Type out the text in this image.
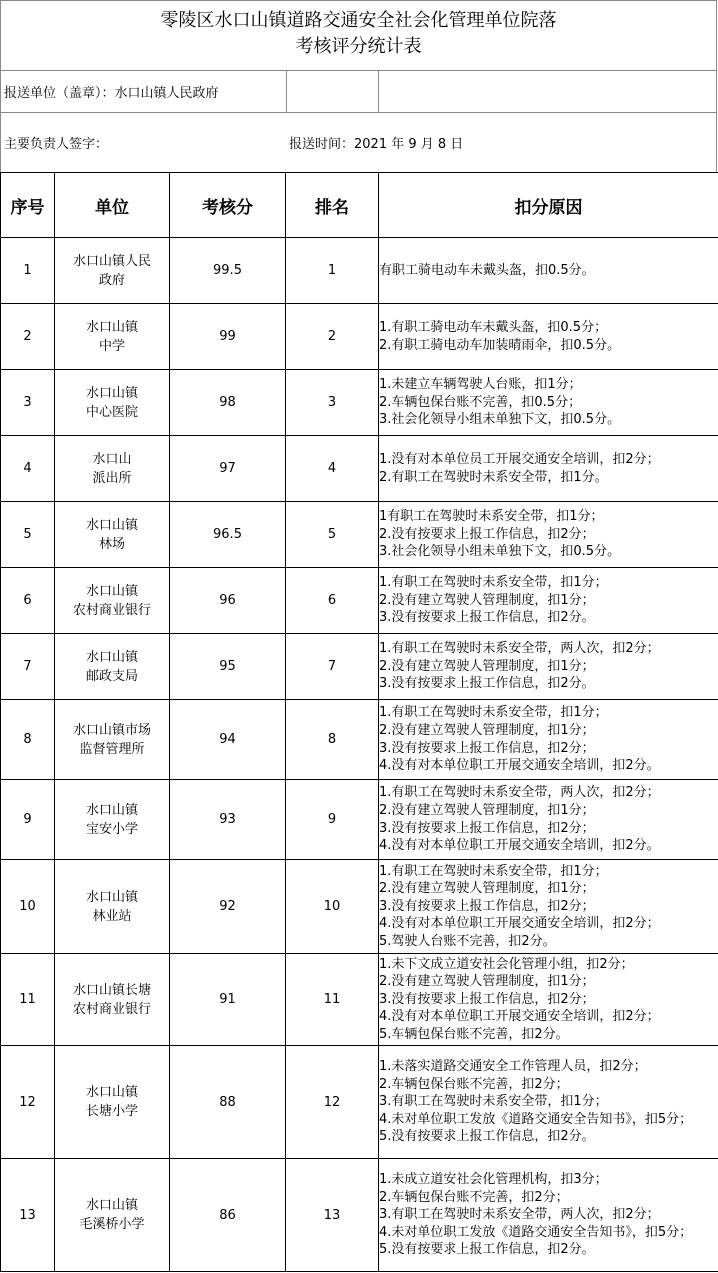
零陵区水口山镇道路交通安全社会化管理单位院落
考核评分统计表
报送单位（盖章）：水口山镇人民政府
主要负责人签字：	报送时间：2021 年 9 月 8 日
序号	单位	考核分	排名	扣分原因
1	水口山镇人民
政府	99.5	1	有职工骑电动车未戴头盔，扣0.5分。

2	水口山镇
中学	99	2	1.有职工骑电动车未戴头盔，扣0.5分；
2.有职工骑电动车加装晴雨伞，扣0.5分。

3	水口山镇
中心医院	98	3	1.未建立车辆驾驶人台账，扣1分；
2.车辆包保台账不完善，扣0.5分；
3.社会化领导小组未单独下文，扣0.5分。

4	水口山
派出所	97	4	1.没有对本单位员工开展交通安全培训，扣2分；
2.有职工在驾驶时未系安全带，扣1分。

5	水口山镇
林场	96.5	5	1有职工在驾驶时未系安全带，扣1分；
2.没有按要求上报工作信息，扣2分；
3.社会化领导小组未单独下文，扣0.5分。

6	水口山镇
农村商业银行	96	6	1.有职工在驾驶时未系安全带，扣1分；
2.没有建立驾驶人管理制度，扣1分；
3.没有按要求上报工作信息，扣2分。

7	水口山镇
邮政支局	95	7	1.有职工在驾驶时未系安全带，两人次，扣2分；
2.没有建立驾驶人管理制度，扣1分；
3.没有按要求上报工作信息，扣2分。

8	水口山镇市场
监督管理所	94	8	1.有职工在驾驶时未系安全带，扣1分；
2.没有建立驾驶人管理制度，扣1分；
3.没有按要求上报工作信息，扣2分；
4.没有对本单位职工开展交通安全培训，扣2分。

9	水口山镇
宝安小学	93	9	1.有职工在驾驶时未系安全带，两人次，扣2分；
2.没有建立驾驶人管理制度，扣1分；
3.没有按要求上报工作信息，扣2分；
4.没有对本单位职工开展交通安全培训，扣2分。

10	水口山镇
林业站	92	10	1.有职工在驾驶时未系安全带，扣1分；
2.没有建立驾驶人管理制度，扣1分；
3.没有按要求上报工作信息，扣2分；
4.没有对本单位职工开展交通安全培训，扣2分；
5.驾驶人台账不完善，扣2分。

11	水口山镇长塘
农村商业银行	91	11	1.未下文成立道安社会化管理小组，扣2分；
2.没有建立驾驶人管理制度，扣1分；
3.没有按要求上报工作信息，扣2分；
4.没有对本单位职工开展交通安全培训，扣2分；
5.车辆包保台账不完善，扣2分。

12	水口山镇
长塘小学	88	12	1.未落实道路交通安全工作管理人员，扣2分；
2.车辆包保台账不完善，扣2分；
3.有职工在驾驶时未系安全带，扣1分；
4.未对单位职工发放《道路交通安全告知书》，扣5分；
5.没有按要求上报工作信息，扣2分。

13	水口山镇
毛溪桥小学	86	13	1.未成立道安社会化管理机构，扣3分；
2.车辆包保台账不完善，扣2分；
3.有职工在驾驶时未系安全带，两人次，扣2分；
4.未对单位职工发放《道路交通安全告知书》，扣5分；
5.没有按要求上报工作信息，扣2分。
